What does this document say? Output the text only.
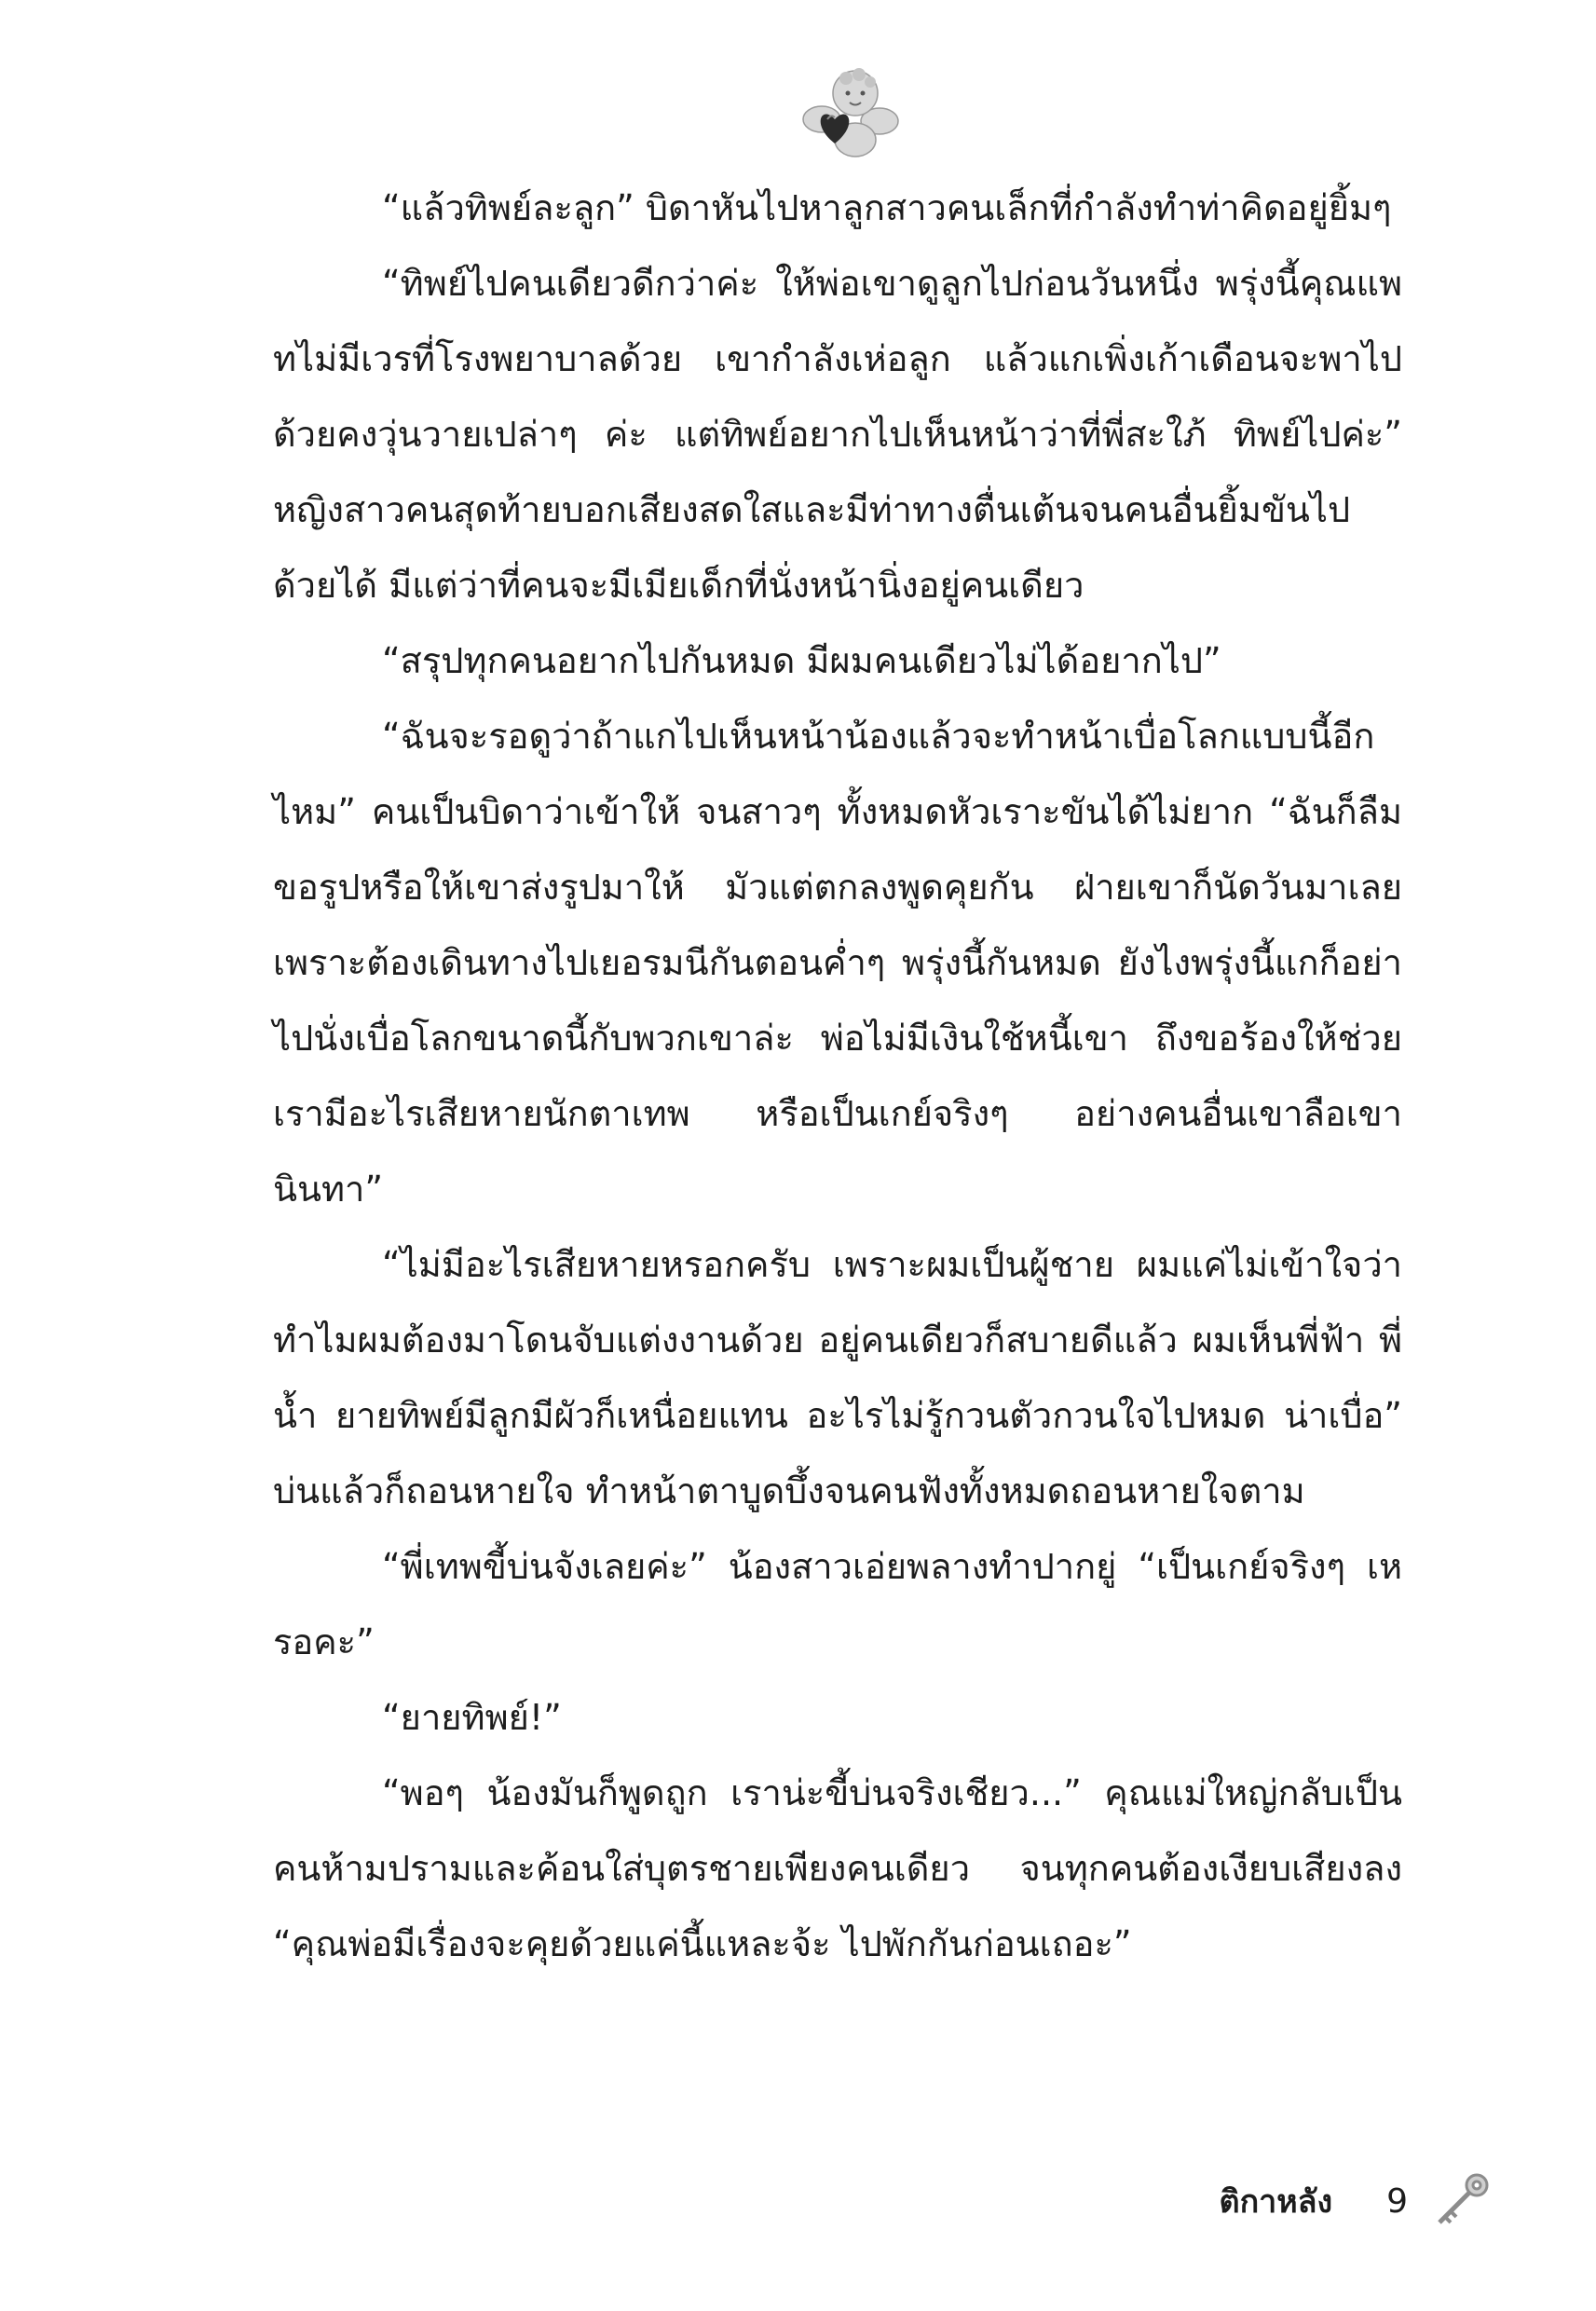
“แล้วทิพย์ละลูก” บิดาหันไปหาลูกสาวคนเล็กที่กำลังทำท่าคิดอยู่ยิ้มๆ

“ทิพย์ไปคนเดียวดีกว่าค่ะ ให้พ่อเขาดูลูกไปก่อนวันหนึ่ง พรุ่งนี้คุณแพทไม่มีเวรที่โรงพยาบาลด้วย เขากำลังเห่อลูก แล้วแกเพิ่งเก้าเดือนจะพาไปด้วยคงวุ่นวายเปล่าๆ ค่ะ แต่ทิพย์อยากไปเห็นหน้าว่าที่พี่สะใภ้ ทิพย์ไปค่ะ” หญิงสาวคนสุดท้ายบอกเสียงสดใสและมีท่าทางตื่นเต้นจนคนอื่นยิ้มขันไปด้วยได้ มีแต่ว่าที่คนจะมีเมียเด็กที่นั่งหน้านิ่งอยู่คนเดียว

“สรุปทุกคนอยากไปกันหมด มีผมคนเดียวไม่ได้อยากไป”

“ฉันจะรอดูว่าถ้าแกไปเห็นหน้าน้องแล้วจะทำหน้าเบื่อโลกแบบนี้อีกไหม” คนเป็นบิดาว่าเข้าให้ จนสาวๆ ทั้งหมดหัวเราะขันได้ไม่ยาก “ฉันก็ลืมขอรูปหรือให้เขาส่งรูปมาให้ มัวแต่ตกลงพูดคุยกัน ฝ่ายเขาก็นัดวันมาเลย เพราะต้องเดินทางไปเยอรมนีกันตอนค่ำๆ พรุ่งนี้กันหมด ยังไงพรุ่งนี้แกก็อย่าไปนั่งเบื่อโลกขนาดนี้กับพวกเขาล่ะ พ่อไม่มีเงินใช้หนี้เขา ถึงขอร้องให้ช่วย เรามีอะไรเสียหายนักตาเทพ หรือเป็นเกย์จริงๆ อย่างคนอื่นเขาลือเขานินทา”

“ไม่มีอะไรเสียหายหรอกครับ เพราะผมเป็นผู้ชาย ผมแค่ไม่เข้าใจว่าทำไมผมต้องมาโดนจับแต่งงานด้วย อยู่คนเดียวก็สบายดีแล้ว ผมเห็นพี่ฟ้า พี่น้ำ ยายทิพย์มีลูกมีผัวก็เหนื่อยแทน อะไรไม่รู้กวนตัวกวนใจไปหมด น่าเบื่อ” บ่นแล้วก็ถอนหายใจ ทำหน้าตาบูดบึ้งจนคนฟังทั้งหมดถอนหายใจตาม

“พี่เทพขี้บ่นจังเลยค่ะ” น้องสาวเอ่ยพลางทำปากยู่ “เป็นเกย์จริงๆ เหรอคะ”

“ยายทิพย์!”

“พอๆ น้องมันก็พูดถูก เราน่ะขี้บ่นจริงเชียว...” คุณแม่ใหญ่กลับเป็นคนห้ามปรามและค้อนใส่บุตรชายเพียงคนเดียว จนทุกคนต้องเงียบเสียงลง “คุณพ่อมีเรื่องจะคุยด้วยแค่นี้แหละจ้ะ ไปพักกันก่อนเถอะ”

ติกาหลัง 9
